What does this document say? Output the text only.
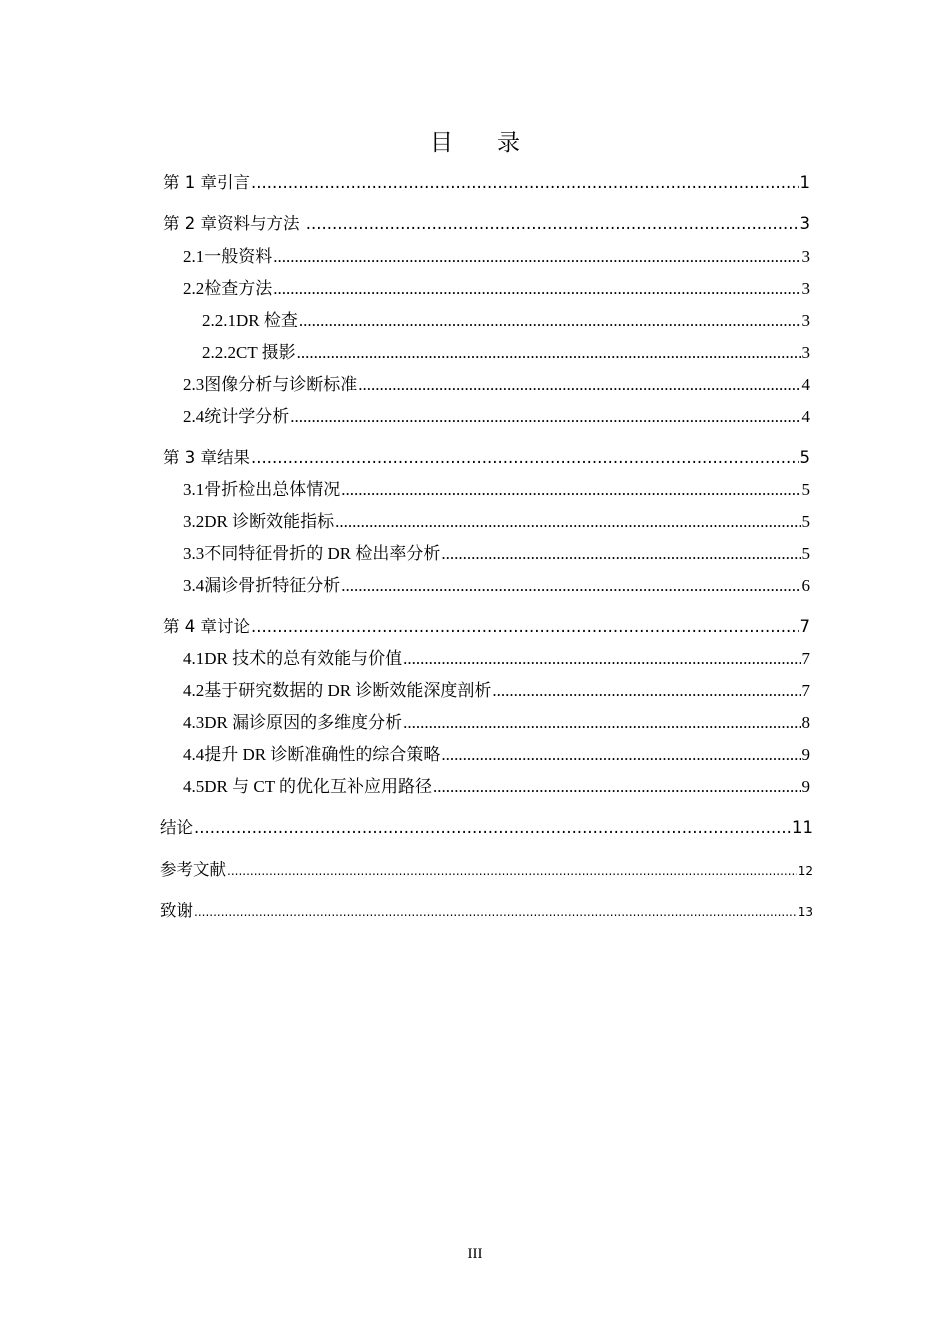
目 录
第 1 章 引言 .....	1
第 2 章 资料与方法 .....	3
2.1 一般资料 .....	3
2.2 检查方法 .....	3
2.2.1 DR 检查 .....	3
2.2.2 CT 摄影 .....	3
2.3 图像分析与诊断标准 .....	4
2.4 统计学分析 .....	4
第 3 章 结果 .....	5
3.1 骨折检出总体情况 .....	5
3.2 DR 诊断效能指标 .....	5
3.3 不同特征骨折的 DR 检出率分析 .....	5
3.4 漏诊骨折特征分析 .....	6
第 4 章 讨论 .....	7
4.1 DR 技术的总有效能与价值 .....	7
4.2 基于研究数据的 DR 诊断效能深度剖析 .....	7
4.3 DR 漏诊原因的多维度分析 .....	8
4.4 提升 DR 诊断准确性的综合策略 .....	9
4.5 DR 与 CT 的优化互补应用路径 .....	9
结论 .....	11
参考文献 .....	12
致谢 .....	13
III
